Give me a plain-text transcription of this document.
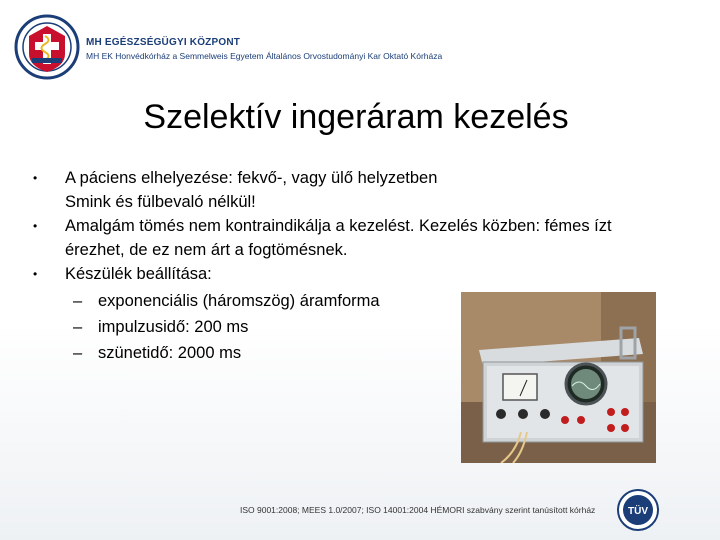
MH EGÉSZSÉGÜGYI KÖZPONT
MH EK Honvédkórház a Semmelweis Egyetem Általános Orvostudományi Kar Oktató Kórháza
Szelektív ingeráram kezelés
• A páciens elhelyezése: fekvő-, vagy ülő helyzetben
Smink és fülbevaló nélkül!
• Amalgám tömés nem kontraindikálja a kezelést. Kezelés közben: fémes ízt
érezhet, de ez nem árt a fogtömésnek.
• Készülék beállítása:
– exponenciális (háromszög) áramforma
– impulzusidő: 200 ms
– szünetidő: 2000 ms
ISO 9001:2008; MEES 1.0/2007; ISO 14001:2004 HÉMORI szabvány szerint tanúsított kórház	TÜV
